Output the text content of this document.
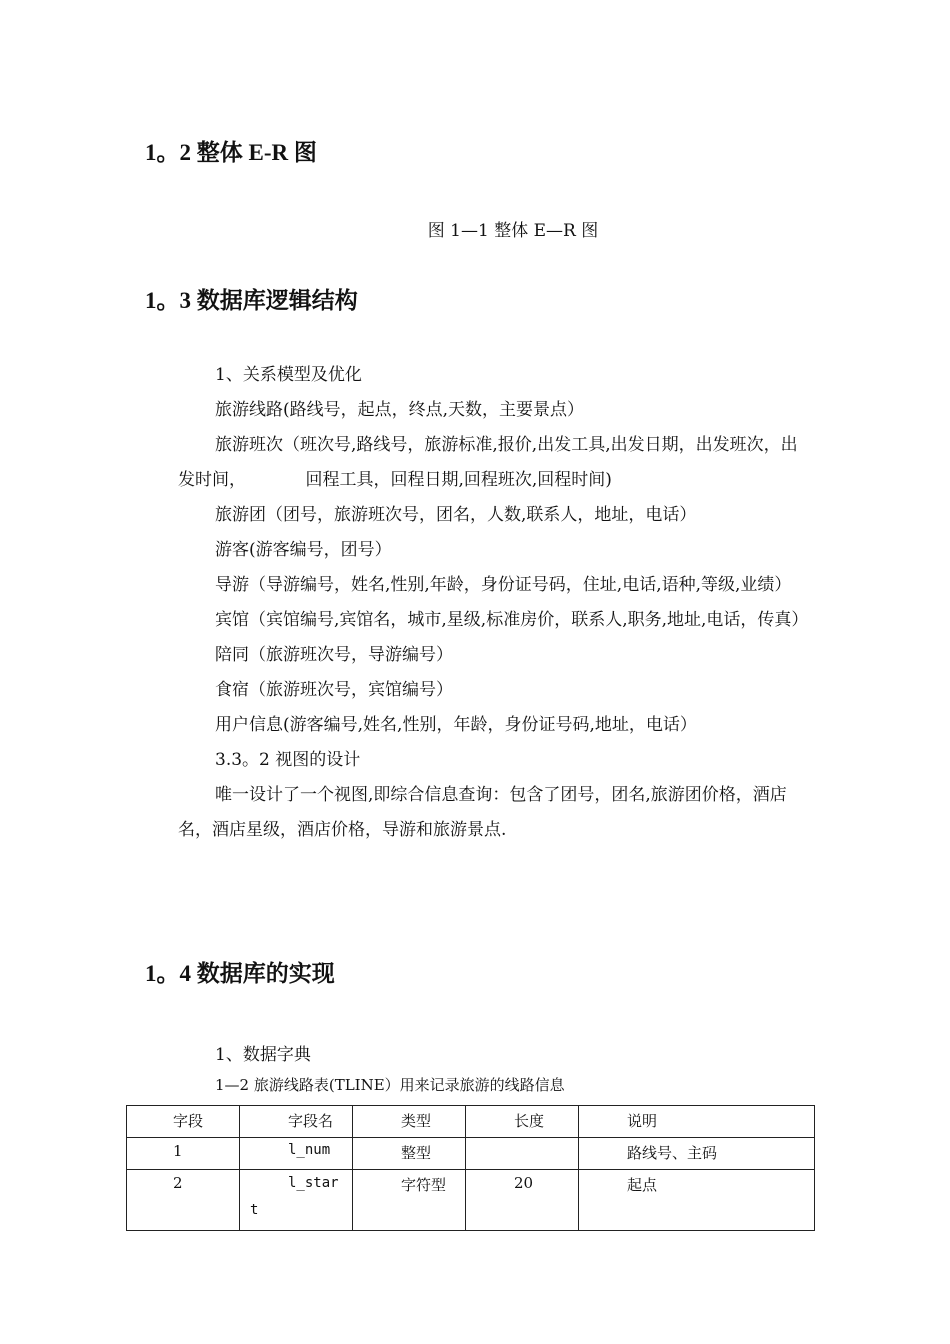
1。2 整体 E-R 图
图 1—1 整体 E—R 图
1。3 数据库逻辑结构

1、关系模型及优化

旅游线路(路线号，起点，终点,天数，主要景点）

旅游班次（班次号,路线号，旅游标准,报价,出发工具,出发日期，出发班次，出发时间，　　　　回程工具，回程日期,回程班次,回程时间)

旅游团（团号，旅游班次号，团名，人数,联系人，地址，电话）

游客(游客编号，团号）

导游（导游编号，姓名,性别,年龄，身份证号码，住址,电话,语种,等级,业绩）

宾馆（宾馆编号,宾馆名，城市,星级,标准房价，联系人,职务,地址,电话，传真）

陪同（旅游班次号，导游编号）

食宿（旅游班次号，宾馆编号）

用户信息(游客编号,姓名,性别，年龄，身份证号码,地址，电话）

3.3。2 视图的设计

唯一设计了一个视图,即综合信息查询：包含了团号，团名,旅游团价格，酒店名，酒店星级，酒店价格，导游和旅游景点.

1。4 数据库的实现
1、数据字典
1—2 旅游线路表(TLINE）用来记录旅游的线路信息
字段	字段名	类型	长度	说明
1	l_num	整型		路线号、主码
2	l_start	字符型	20	起点
